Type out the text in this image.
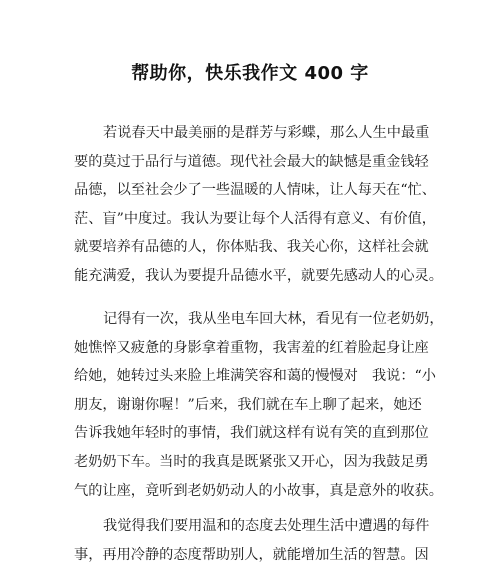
帮助你，快乐我作文 400 字
若说春天中最美丽的是群芳与彩蝶，那么人生中最重
要的莫过于品行与道德。现代社会最大的缺憾是重金钱轻
品德，以至社会少了一些温暖的人情味，让人每天在“忙、
茫、盲”中度过。我认为要让每个人活得有意义、有价值，
就要培养有品德的人，你体贴我、我关心你，这样社会就
能充满爱，我认为要提升品德水平，就要先感动人的心灵。
记得有一次，我从坐电车回大林，看见有一位老奶奶，
她憔悴又疲惫的身影拿着重物，我害羞的红着脸起身让座
给她，她转过头来脸上堆满笑容和蔼的慢慢对　我说：“小
朋友，谢谢你喔！”后来，我们就在车上聊了起来，她还
告诉我她年轻时的事情，我们就这样有说有笑的直到那位
老奶奶下车。当时的我真是既紧张又开心，因为我鼓足勇
气的让座，竟听到老奶奶动人的小故事，真是意外的收获。
我觉得我们要用温和的态度去处理生活中遭遇的每件
事，再用冷静的态度帮助别人，就能增加生活的智慧。因
